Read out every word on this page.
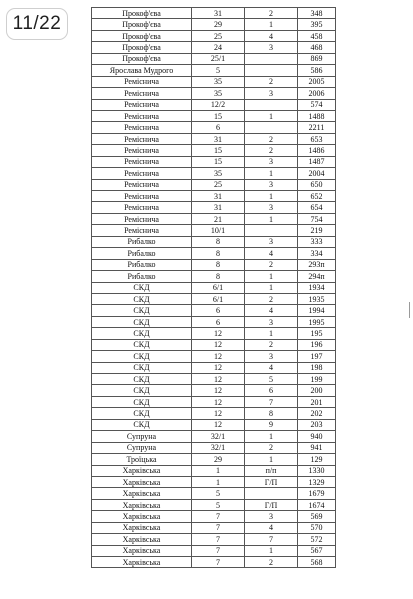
11/22	Прокоф'єва	31	2	348
Прокоф'єва	29	1	395
Прокоф'єва	25	4	458
Прокоф'єва	24	3	468
Прокоф'єва	25/1		869
Ярослава Мудрого	5		586
Ремісничa	35	2	2005
Ремісничa	35	3	2006
Ремісничa	12/2		574
Ремісничa	15	1	1488
Ремісничa	6		2211
Ремісничa	31	2	653
Ремісничa	15	2	1486
Ремісничa	15	3	1487
Ремісничa	35	1	2004
Ремісничa	25	3	650
Ремісничa	31	1	652
Ремісничa	31	3	654
Ремісничa	21	1	754
Ремісничa	10/1		219
Рибалко	8	3	333
Рибалко	8	4	334
Рибалко	8	2	293п
Рибалко	8	1	294п
СКД	6/1	1	1934
СКД	6/1	2	1935
СКД	6	4	1994
СКД	6	3	1995
СКД	12	1	195
СКД	12	2	196
СКД	12	3	197
СКД	12	4	198
СКД	12	5	199
СКД	12	6	200
СКД	12	7	201
СКД	12	8	202
СКД	12	9	203
Супруна	32/1	1	940
Супруна	32/1	2	941
Троїцька	29	1	129
Харківська	1	п/п	1330
Харківська	1	Г/П	1329
Харківська	5		1679
Харківська	5	Г/П	1674
Харківська	7	3	569
Харківська	7	4	570
Харківська	7	7	572
Харківська	7	1	567
Харківська	7	2	568
